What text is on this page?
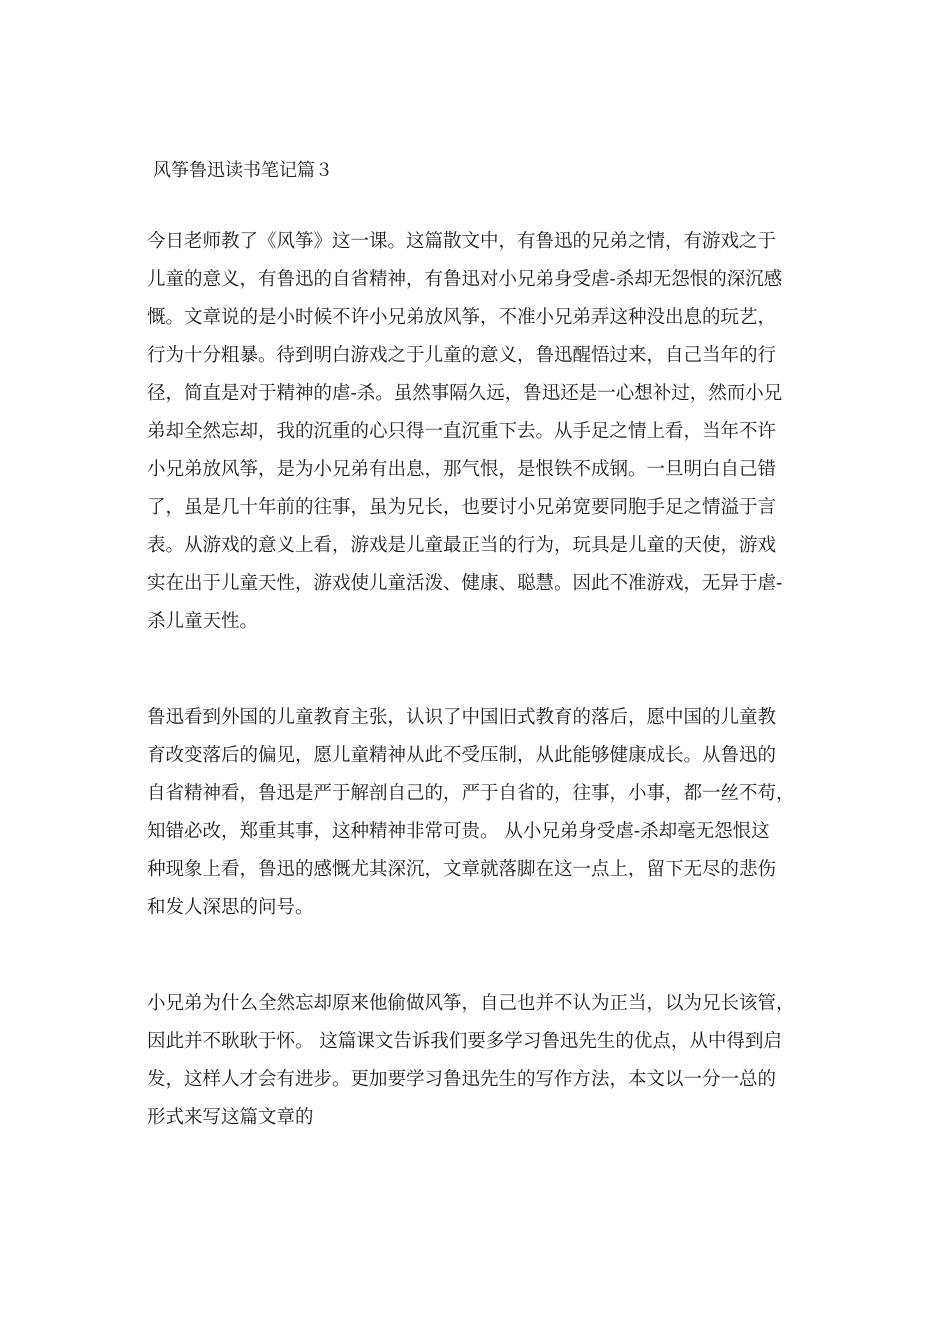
风筝鲁迅读书笔记篇３
今日老师教了《风筝》这一课。这篇散文中，有鲁迅的兄弟之情，有游戏之于
儿童的意义，有鲁迅的自省精神，有鲁迅对小兄弟身受虐-杀却无怨恨的深沉感
慨。文章说的是小时候不许小兄弟放风筝，不准小兄弟弄这种没出息的玩艺，
行为十分粗暴。待到明白游戏之于儿童的意义，鲁迅醒悟过来，自己当年的行
径，简直是对于精神的虐-杀。虽然事隔久远，鲁迅还是一心想补过，然而小兄
弟却全然忘却，我的沉重的心只得一直沉重下去。从手足之情上看，当年不许
小兄弟放风筝，是为小兄弟有出息，那气恨，是恨铁不成钢。一旦明白自己错
了，虽是几十年前的往事，虽为兄长，也要讨小兄弟宽要同胞手足之情溢于言
表。从游戏的意义上看，游戏是儿童最正当的行为，玩具是儿童的天使，游戏
实在出于儿童天性，游戏使儿童活泼、健康、聪慧。因此不准游戏，无异于虐-
杀儿童天性。
鲁迅看到外国的儿童教育主张，认识了中国旧式教育的落后，愿中国的儿童教
育改变落后的偏见，愿儿童精神从此不受压制，从此能够健康成长。从鲁迅的
自省精神看，鲁迅是严于解剖自己的，严于自省的，往事，小事，都一丝不苟，
知错必改，郑重其事，这种精神非常可贵。 从小兄弟身受虐-杀却毫无怨恨这
种现象上看，鲁迅的感慨尤其深沉，文章就落脚在这一点上，留下无尽的悲伤
和发人深思的问号。
小兄弟为什么全然忘却原来他偷做风筝，自己也并不认为正当，以为兄长该管，
因此并不耿耿于怀。 这篇课文告诉我们要多学习鲁迅先生的优点，从中得到启
发，这样人才会有进步。更加要学习鲁迅先生的写作方法，本文以一分一总的
形式来写这篇文章的
